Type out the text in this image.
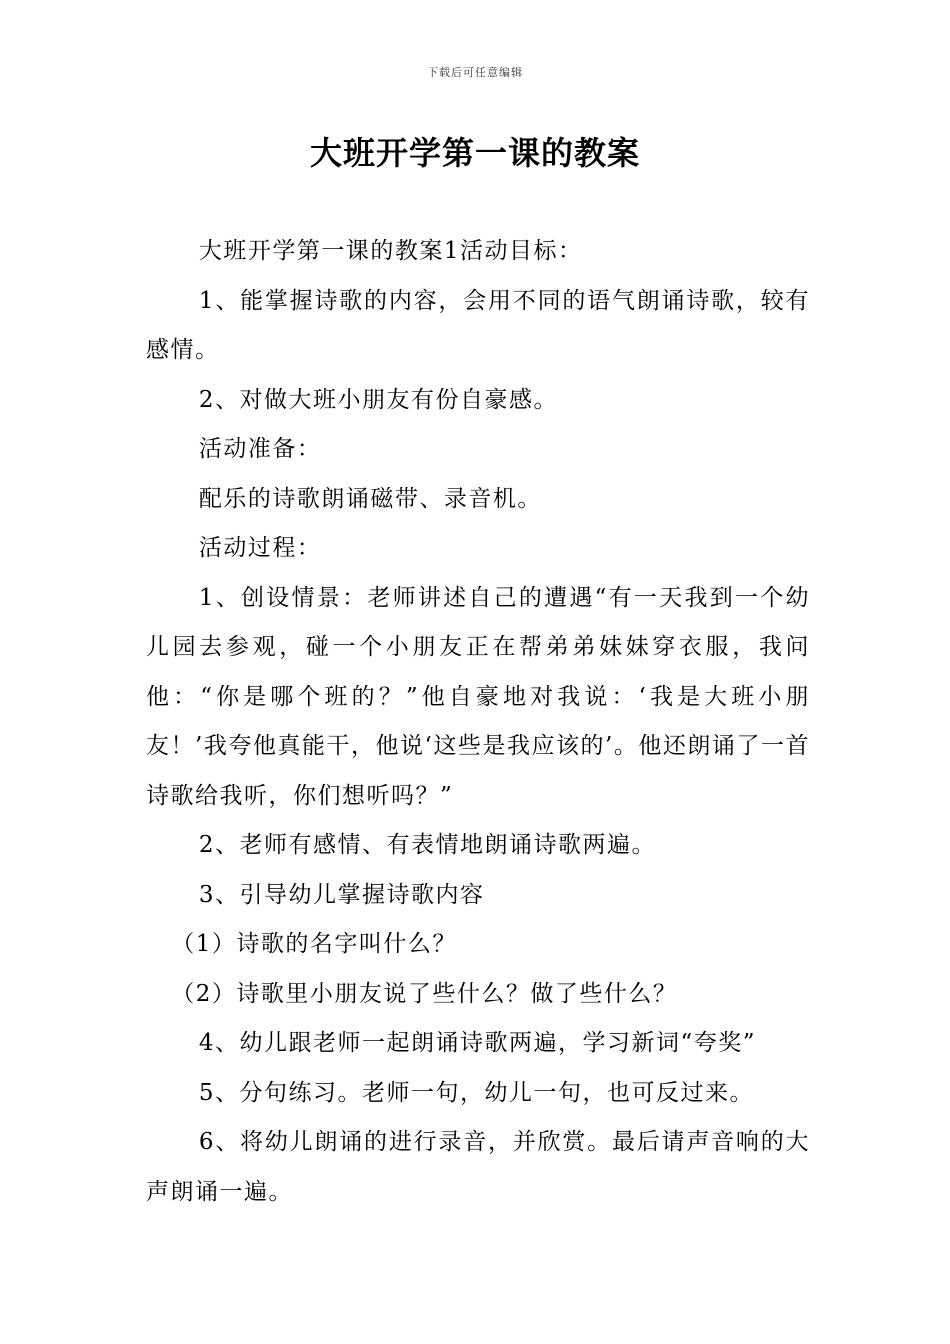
下载后可任意编辑
大班开学第一课的教案

大班开学第一课的教案1活动目标：

1、能掌握诗歌的内容，会用不同的语气朗诵诗歌，较有感情。

2、对做大班小朋友有份自豪感。

活动准备：

配乐的诗歌朗诵磁带、录音机。

活动过程：

1、创设情景：老师讲述自己的遭遇“有一天我到一个幼儿园去参观，碰一个小朋友正在帮弟弟妹妹穿衣服，我问他：“你是哪个班的？”他自豪地对我说：‘我是大班小朋友！’我夸他真能干，他说‘这些是我应该的’。他还朗诵了一首诗歌给我听，你们想听吗？”

2、老师有感情、有表情地朗诵诗歌两遍。

3、引导幼儿掌握诗歌内容

（1）诗歌的名字叫什么？

（2）诗歌里小朋友说了些什么？做了些什么？

4、幼儿跟老师一起朗诵诗歌两遍，学习新词“夸奖”

5、分句练习。老师一句，幼儿一句，也可反过来。

6、将幼儿朗诵的进行录音，并欣赏。最后请声音响的大声朗诵一遍。
